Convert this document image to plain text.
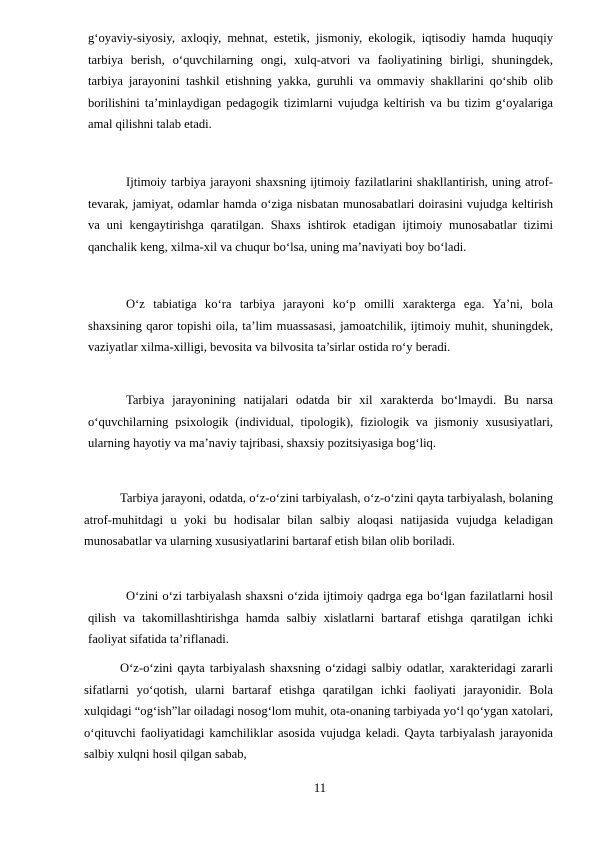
g‘oyaviy-siyosiy, axloqiy, mehnat, estetik, jismoniy, ekologik, iqtisodiy hamda huquqiy tarbiya berish, o‘quvchilarning ongi, xulq-atvori va faoliyatining birligi, shuningdek, tarbiya jarayonini tashkil etishning yakka, guruhli va ommaviy shakllarini qo‘shib olib borilishini ta’minlaydigan pedagogik tizimlarni vujudga keltirish va bu tizim g‘oyalariga amal qilishni talab etadi.

Ijtimoiy tarbiya jarayoni shaxsning ijtimoiy fazilatlarini shakllantirish, uning atrof-tevarak, jamiyat, odamlar hamda o‘ziga nisbatan munosabatlari doirasini vujudga keltirish va uni kengaytirishga qaratilgan. Shaxs ishtirok etadigan ijtimoiy munosabatlar tizimi qanchalik keng, xilma-xil va chuqur bo‘lsa, uning ma’naviyati boy bo‘ladi.

O‘z tabiatiga ko‘ra tarbiya jarayoni ko‘p omilli xarakterga ega. Ya’ni, bola shaxsining qaror topishi oila, ta’lim muassasasi, jamoatchilik, ijtimoiy muhit, shuningdek, vaziyatlar xilma-xilligi, bevosita va bilvosita ta’sirlar ostida ro‘y beradi.

Tarbiya jarayonining natijalari odatda bir xil xarakterda bo‘lmaydi. Bu narsa o‘quvchilarning psixologik (individual, tipologik), fiziologik va jismoniy xususiyatlari, ularning hayotiy va ma’naviy tajribasi, shaxsiy pozitsiyasiga bog‘liq.

Tarbiya jarayoni, odatda, o‘z-o‘zini tarbiyalash, o‘z-o‘zini qayta tarbiyalash, bolaning atrof-muhitdagi u yoki bu hodisalar bilan salbiy aloqasi natijasida vujudga keladigan munosabatlar va ularning xususiyatlarini bartaraf etish bilan olib boriladi.

O‘zini o‘zi tarbiyalash shaxsni o‘zida ijtimoiy qadrga ega bo‘lgan fazilatlarni hosil qilish va takomillashtirishga hamda salbiy xislatlarni bartaraf etishga qaratilgan ichki faoliyat sifatida ta’riflanadi.

O‘z-o‘zini qayta tarbiyalash shaxsning o‘zidagi salbiy odatlar, xarakteridagi zararli sifatlarni yo‘qotish, ularni bartaraf etishga qaratilgan ichki faoliyati jarayonidir. Bola xulqidagi “og‘ish”lar oiladagi nosog‘lom muhit, ota-onaning tarbiyada yo‘l qo‘ygan xatolari, o‘qituvchi faoliyatidagi kamchiliklar asosida vujudga keladi. Qayta tarbiyalash jarayonida salbiy xulqni hosil qilgan sabab,

11
